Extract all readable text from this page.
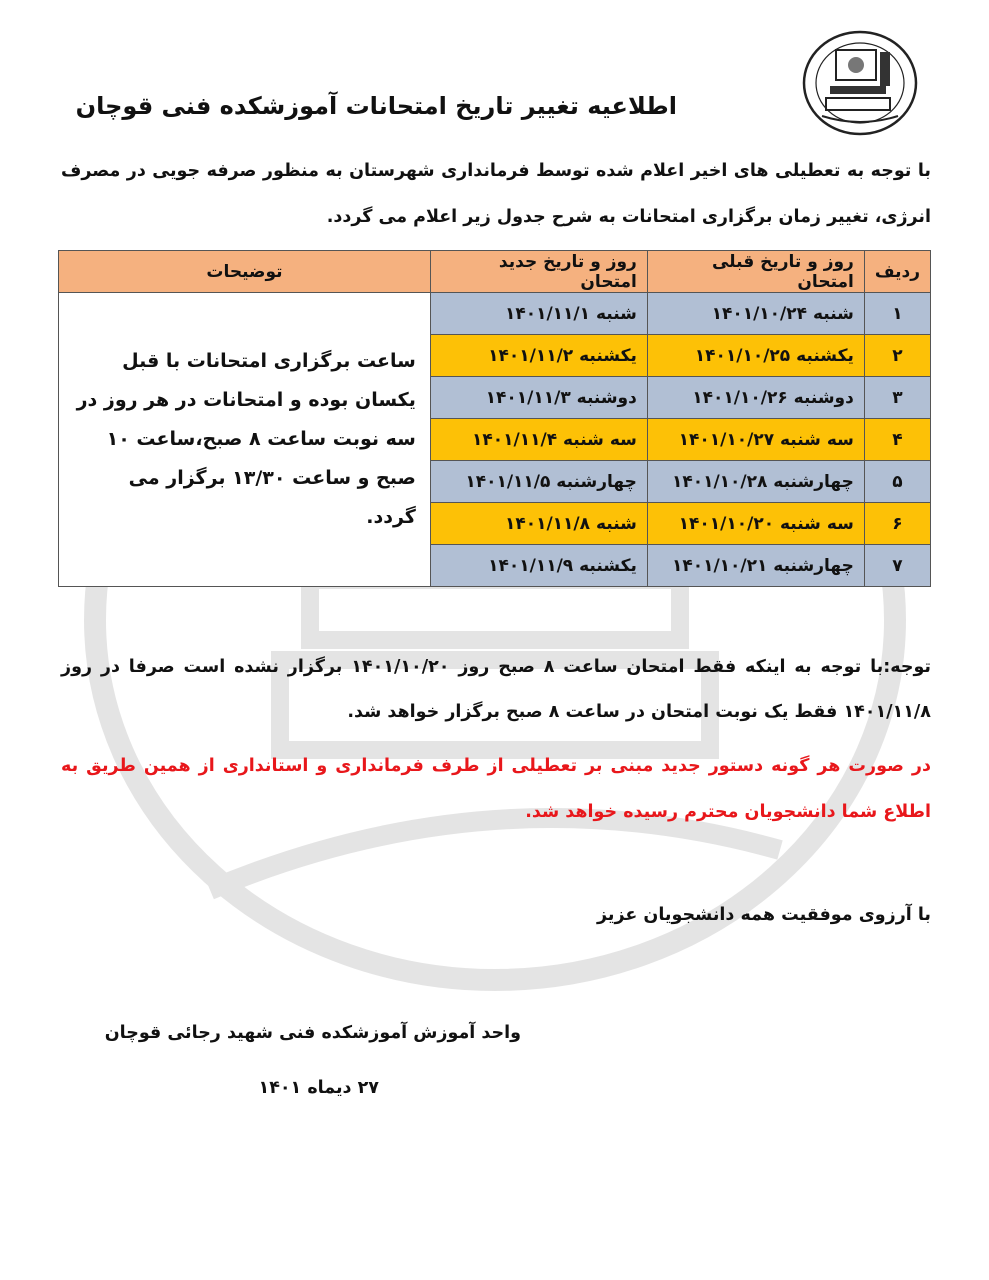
اطلاعیه تغییر تاریخ امتحانات آموزشکده فنی قوچان
با توجه به تعطیلی های اخیر اعلام شده توسط فرمانداری شهرستان به منظور صرفه جویی در مصرف انرژی، تغییر زمان برگزاری امتحانات به شرح جدول زیر اعلام می گردد.
ردیف	روز و تاریخ قبلی امتحان	روز و تاریخ جدید امتحان	توضیحات
۱	شنبه ۱۴۰۱/۱۰/۲۴	شنبه ۱۴۰۱/۱۱/۱	ساعت برگزاری امتحانات با قبل یکسان بوده و امتحانات در هر روز در سه نوبت ساعت ۸ صبح،ساعت ۱۰ صبح و ساعت ۱۳/۳۰ برگزار می گردد.
۲	یکشنبه ۱۴۰۱/۱۰/۲۵	یکشنبه ۱۴۰۱/۱۱/۲	
۳	دوشنبه ۱۴۰۱/۱۰/۲۶	دوشنبه ۱۴۰۱/۱۱/۳	
۴	سه شنبه ۱۴۰۱/۱۰/۲۷	سه شنبه ۱۴۰۱/۱۱/۴	
۵	چهارشنبه ۱۴۰۱/۱۰/۲۸	چهارشنبه ۱۴۰۱/۱۱/۵	
۶	سه شنبه ۱۴۰۱/۱۰/۲۰	شنبه ۱۴۰۱/۱۱/۸	
۷	چهارشنبه ۱۴۰۱/۱۰/۲۱	یکشنبه ۱۴۰۱/۱۱/۹	
توجه:با توجه به اینکه فقط امتحان ساعت ۸ صبح روز ۱۴۰۱/۱۰/۲۰ برگزار نشده است صرفا در روز ۱۴۰۱/۱۱/۸ فقط یک نوبت امتحان در ساعت ۸ صبح برگزار خواهد شد.
در صورت هر گونه دستور جدید مبنی بر تعطیلی از طرف فرمانداری و استانداری از همین طریق به اطلاع شما دانشجویان محترم رسیده خواهد شد.
با آرزوی موفقیت همه دانشجویان عزیز
واحد آموزش آموزشکده فنی شهید رجائی قوچان
۲۷ دیماه ۱۴۰۱
